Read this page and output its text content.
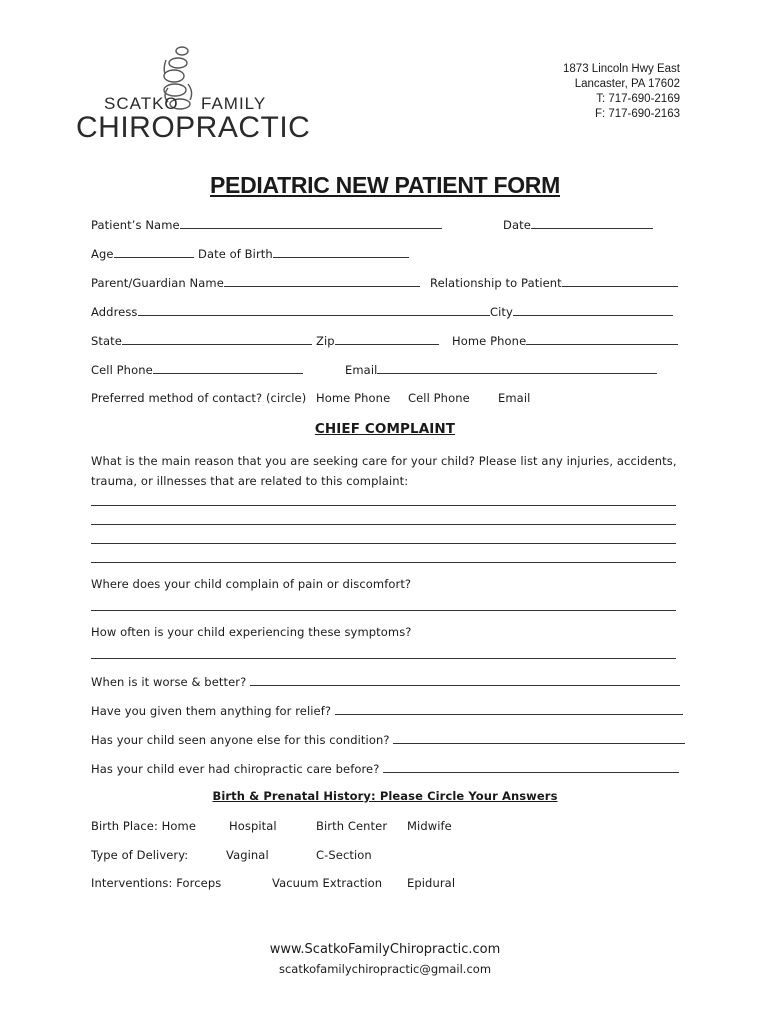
SCATKO FAMILY
CHIROPRACTIC
1873 Lincoln Hwy East
Lancaster, PA 17602
T: 717-690-2169
F: 717-690-2163
PEDIATRIC NEW PATIENT FORM
Patient’s Name	Date
Age	Date of Birth
Parent/Guardian Name	Relationship to Patient
Address	City
State	Zip	Home Phone
Cell Phone	Email
Preferred method of contact? (circle) Home Phone Cell Phone Email
CHIEF COMPLAINT
What is the main reason that you are seeking care for your child? Please list any injuries, accidents,
trauma, or illnesses that are related to this complaint:
Where does your child complain of pain or discomfort?
How often is your child experiencing these symptoms?
When is it worse & better?
Have you given them anything for relief?
Has your child seen anyone else for this condition?
Has your child ever had chiropractic care before?
Birth & Prenatal History: Please Circle Your Answers
Birth Place: Home	Hospital	Birth Center Midwife
Type of Delivery:	Vaginal	C-Section
Interventions: Forceps	Vacuum Extraction Epidural
www.ScatkoFamilyChiropractic.com
scatkofamilychiropractic@gmail.com
